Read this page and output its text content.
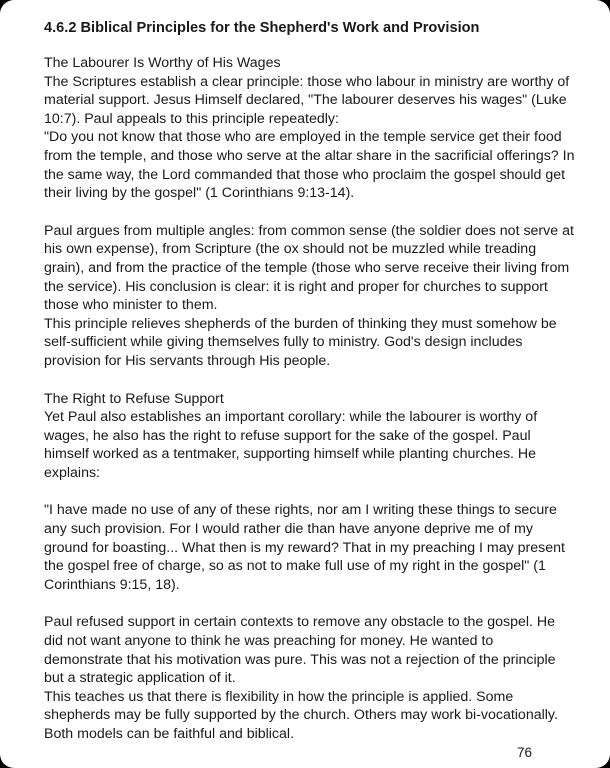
4.6.2 Biblical Principles for the Shepherd's Work and Provision

The Labourer Is Worthy of His Wages

The Scriptures establish a clear principle: those who labour in ministry are worthy of material support. Jesus Himself declared, "The labourer deserves his wages" (Luke 10:7). Paul appeals to this principle repeatedly:

"Do you not know that those who are employed in the temple service get their food from the temple, and those who serve at the altar share in the sacrificial offerings? In the same way, the Lord commanded that those who proclaim the gospel should get their living by the gospel" (1 Corinthians 9:13-14).

Paul argues from multiple angles: from common sense (the soldier does not serve at his own expense), from Scripture (the ox should not be muzzled while treading grain), and from the practice of the temple (those who serve receive their living from the service). His conclusion is clear: it is right and proper for churches to support those who minister to them.

This principle relieves shepherds of the burden of thinking they must somehow be self-sufficient while giving themselves fully to ministry. God's design includes provision for His servants through His people.

The Right to Refuse Support

Yet Paul also establishes an important corollary: while the labourer is worthy of wages, he also has the right to refuse support for the sake of the gospel. Paul himself worked as a tentmaker, supporting himself while planting churches. He explains:

"I have made no use of any of these rights, nor am I writing these things to secure any such provision. For I would rather die than have anyone deprive me of my ground for boasting... What then is my reward? That in my preaching I may present the gospel free of charge, so as not to make full use of my right in the gospel" (1 Corinthians 9:15, 18).

Paul refused support in certain contexts to remove any obstacle to the gospel. He did not want anyone to think he was preaching for money. He wanted to demonstrate that his motivation was pure. This was not a rejection of the principle but a strategic application of it.

This teaches us that there is flexibility in how the principle is applied. Some shepherds may be fully supported by the church. Others may work bi-vocationally. Both models can be faithful and biblical.

76
